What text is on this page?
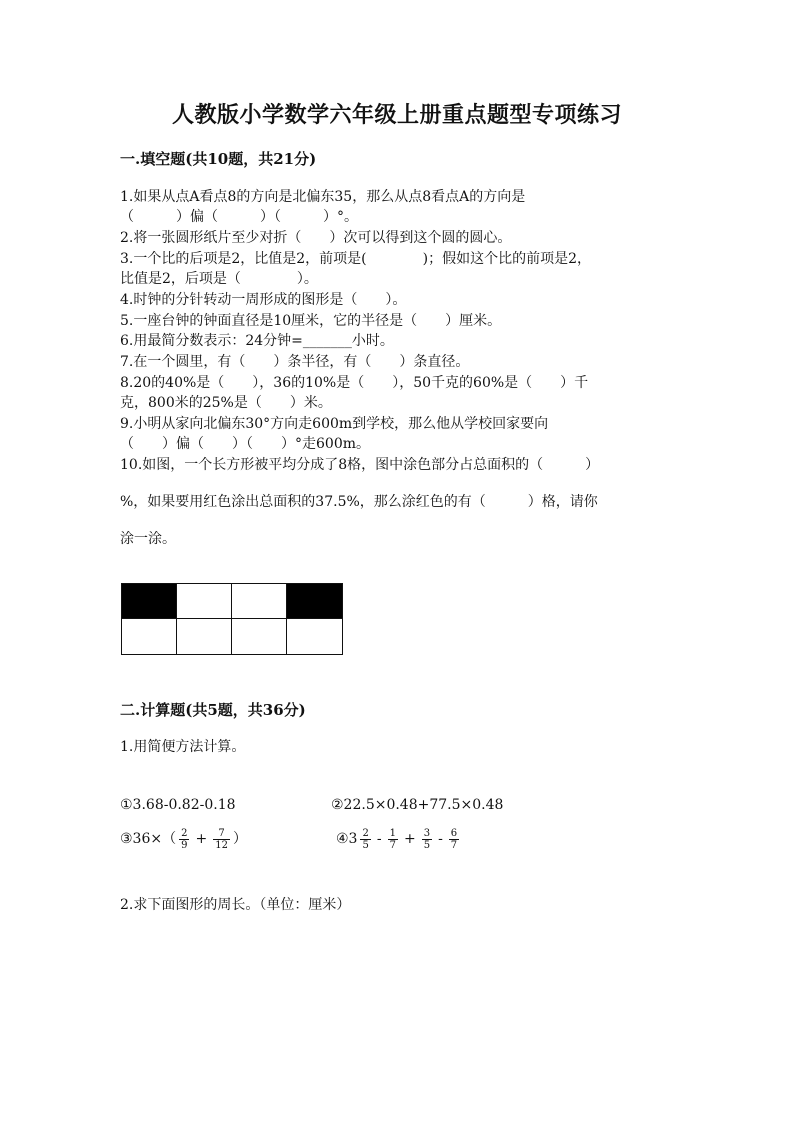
人教版小学数学六年级上册重点题型专项练习
一.填空题(共10题，共21分)
1.如果从点A看点8的方向是北偏东35，那么从点8看点A的方向是
（　　　）偏（　　　）（　　　）°。
2.将一张圆形纸片至少对折（　　）次可以得到这个圆的圆心。
3.一个比的后项是2，比值是2，前项是(　　　　)；假如这个比的前项是2，
比值是2，后项是（　　　　）。
4.时钟的分针转动一周形成的图形是（　　）。
5.一座台钟的钟面直径是10厘米，它的半径是（　　）厘米。
6.用最简分数表示：24分钟=_______小时。
7.在一个圆里，有（　　）条半径，有（　　）条直径。
8.20的40%是（　　），36的10%是（　　），50千克的60%是（　　）千
克，800米的25%是（　　）米。
9.小明从家向北偏东30°方向走600m到学校，那么他从学校回家要向
（　　）偏（　　）（　　）°走600m。
10.如图，一个长方形被平均分成了8格，图中涂色部分占总面积的（　　　）
%，如果要用红色涂出总面积的37.5%，那么涂红色的有（　　　）格，请你
涂一涂。
二.计算题(共5题，共36分)
1.用简便方法计算。
①3.68-0.82-0.18	②22.5×0.48+77.5×0.48
③36×（ $\frac{2}{9} + \frac{7}{12}$ ）	④3 $\frac{2}{5} - \frac{1}{7} + \frac{3}{5} - \frac{6}{7}$
2.求下面图形的周长。（单位：厘米）
